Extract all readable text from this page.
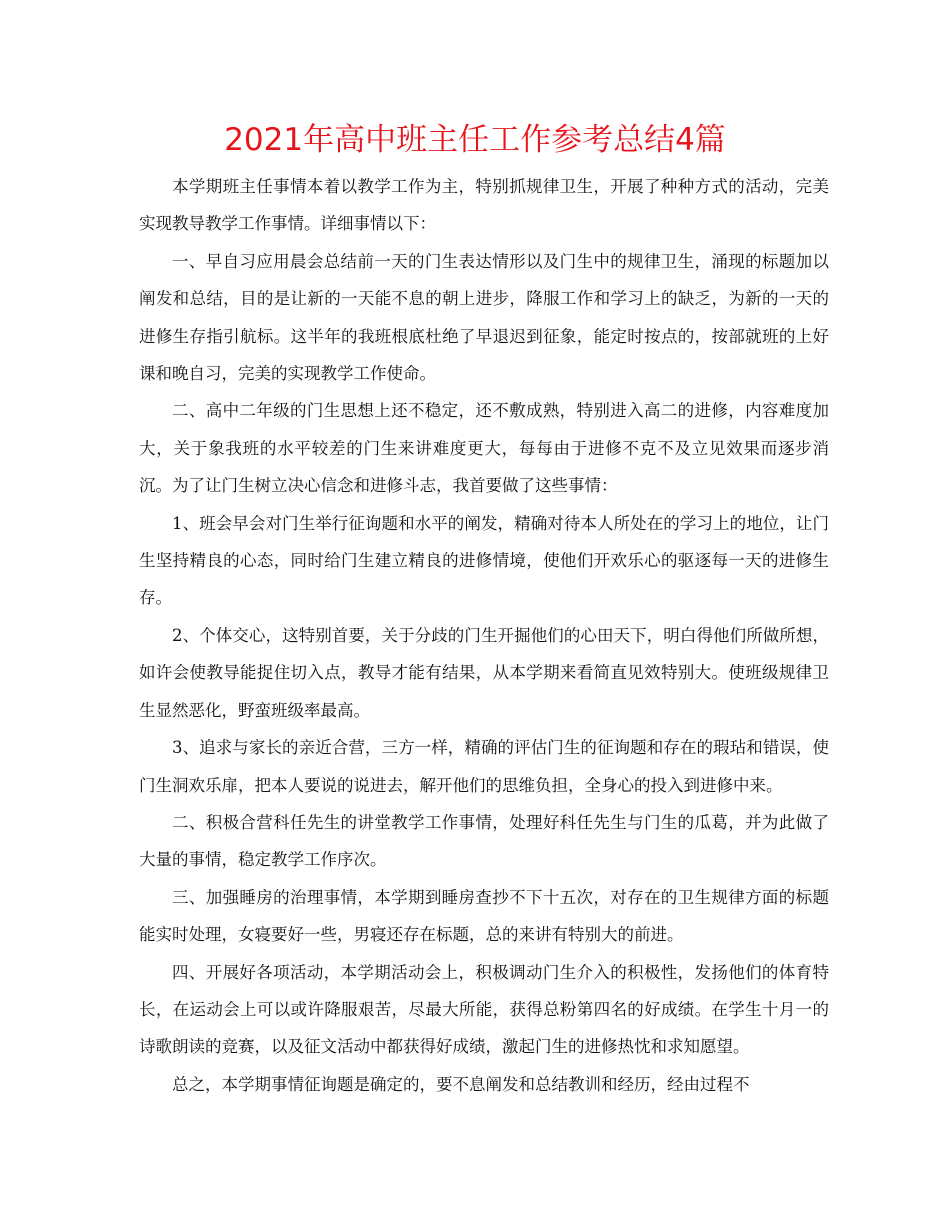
2021年高中班主任工作参考总结4篇

本学期班主任事情本着以教学工作为主，特别抓规律卫生，开展了种种方式的活动，完美实现教导教学工作事情。详细事情以下：

一、早自习应用晨会总结前一天的门生表达情形以及门生中的规律卫生，涌现的标题加以阐发和总结，目的是让新的一天能不息的朝上进步，降服工作和学习上的缺乏，为新的一天的进修生存指引航标。这半年的我班根底杜绝了早退迟到征象，能定时按点的，按部就班的上好课和晚自习，完美的实现教学工作使命。

二、高中二年级的门生思想上还不稳定，还不敷成熟，特别进入高二的进修，内容难度加大，关于象我班的水平较差的门生来讲难度更大，每每由于进修不克不及立见效果而逐步消沉。为了让门生树立决心信念和进修斗志，我首要做了这些事情：

1、班会早会对门生举行征询题和水平的阐发，精确对待本人所处在的学习上的地位，让门生坚持精良的心态，同时给门生建立精良的进修情境，使他们开欢乐心的驱逐每一天的进修生存。

2、个体交心，这特别首要，关于分歧的门生开掘他们的心田天下，明白得他们所做所想，如许会使教导能捉住切入点，教导才能有结果，从本学期来看简直见效特别大。使班级规律卫生显然恶化，野蛮班级率最高。

3、追求与家长的亲近合营，三方一样，精确的评估门生的征询题和存在的瑕玷和错误，使门生洞欢乐扉，把本人要说的说进去，解开他们的思维负担，全身心的投入到进修中来。

二、积极合营科任先生的讲堂教学工作事情，处理好科任先生与门生的瓜葛，并为此做了大量的事情，稳定教学工作序次。

三、加强睡房的治理事情，本学期到睡房查抄不下十五次，对存在的卫生规律方面的标题能实时处理，女寝要好一些，男寝还存在标题，总的来讲有特别大的前进。

四、开展好各项活动，本学期活动会上，积极调动门生介入的积极性，发扬他们的体育特长，在运动会上可以或许降服艰苦，尽最大所能，获得总粉第四名的好成绩。在学生十月一的诗歌朗读的竞赛，以及征文活动中都获得好成绩，激起门生的进修热忱和求知愿望。

总之，本学期事情征询题是确定的，要不息阐发和总结教训和经历，经由过程不
